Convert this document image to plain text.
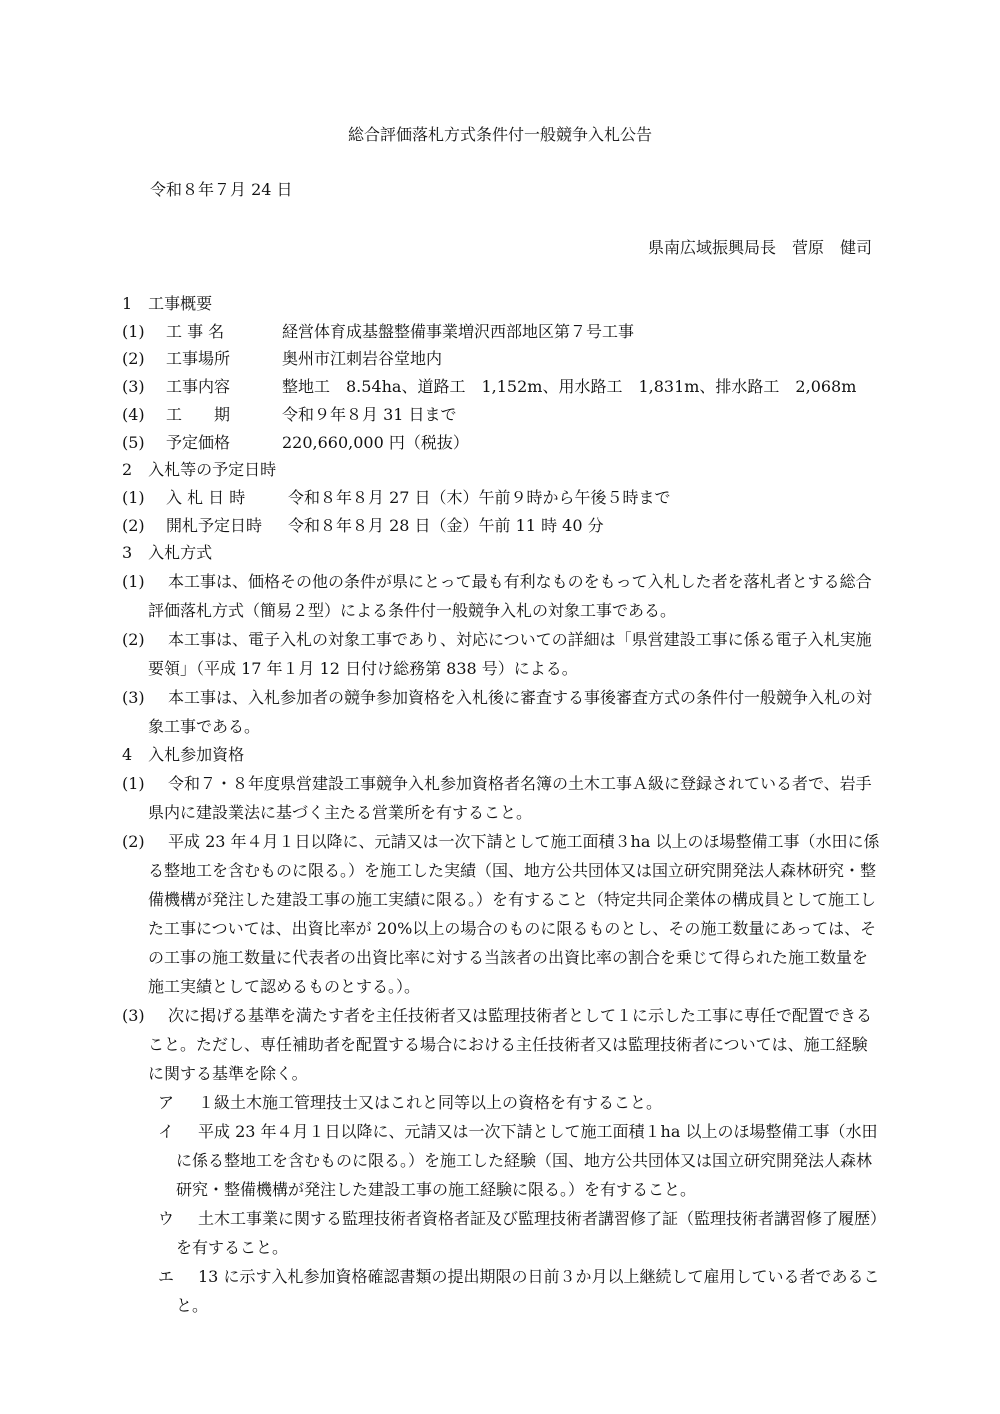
総合評価落札方式条件付一般競争入札公告
令和８年７月 24 日
県南広域振興局長　菅原　健司
1　工事概要
(1)	工 事 名	経営体育成基盤整備事業増沢西部地区第７号工事
(2)	工事場所	奥州市江刺岩谷堂地内
(3)	工事内容	整地工　8.54ha、道路工　1,152m、用水路工　1,831m、排水路工　2,068m
(4)	工　　期	令和９年８月 31 日まで
(5)	予定価格	220,660,000 円（税抜）
2　入札等の予定日時
(1)	入 札 日 時	令和８年８月 27 日（木）午前９時から午後５時まで
(2)	開札予定日時	令和８年８月 28 日（金）午前 11 時 40 分
3　入札方式
(1) 本工事は、価格その他の条件が県にとって最も有利なものをもって入札した者を落札者とする総合評価落札方式（簡易２型）による条件付一般競争入札の対象工事である。
(2) 本工事は、電子入札の対象工事であり、対応についての詳細は「県営建設工事に係る電子入札実施要領」（平成 17 年１月 12 日付け総務第 838 号）による。
(3) 本工事は、入札参加者の競争参加資格を入札後に審査する事後審査方式の条件付一般競争入札の対象工事である。
4　入札参加資格
(1) 令和７・８年度県営建設工事競争入札参加資格者名簿の土木工事Ａ級に登録されている者で、岩手県内に建設業法に基づく主たる営業所を有すること。
(2) 平成 23 年４月１日以降に、元請又は一次下請として施工面積３ha 以上のほ場整備工事（水田に係る整地工を含むものに限る。）を施工した実績（国、地方公共団体又は国立研究開発法人森林研究・整備機構が発注した建設工事の施工実績に限る。）を有すること（特定共同企業体の構成員として施工した工事については、出資比率が 20%以上の場合のものに限るものとし、その施工数量にあっては、その工事の施工数量に代表者の出資比率に対する当該者の出資比率の割合を乗じて得られた施工数量を施工実績として認めるものとする。）。
(3) 次に掲げる基準を満たす者を主任技術者又は監理技術者として１に示した工事に専任で配置できること。ただし、専任補助者を配置する場合における主任技術者又は監理技術者については、施工経験に関する基準を除く。
ア １級土木施工管理技士又はこれと同等以上の資格を有すること。
イ 平成 23 年４月１日以降に、元請又は一次下請として施工面積１ha 以上のほ場整備工事（水田に係る整地工を含むものに限る。）を施工した経験（国、地方公共団体又は国立研究開発法人森林研究・整備機構が発注した建設工事の施工経験に限る。）を有すること。
ウ 土木工事業に関する監理技術者資格者証及び監理技術者講習修了証（監理技術者講習修了履歴）を有すること。
エ 13 に示す入札参加資格確認書類の提出期限の日前３か月以上継続して雇用している者であること。
